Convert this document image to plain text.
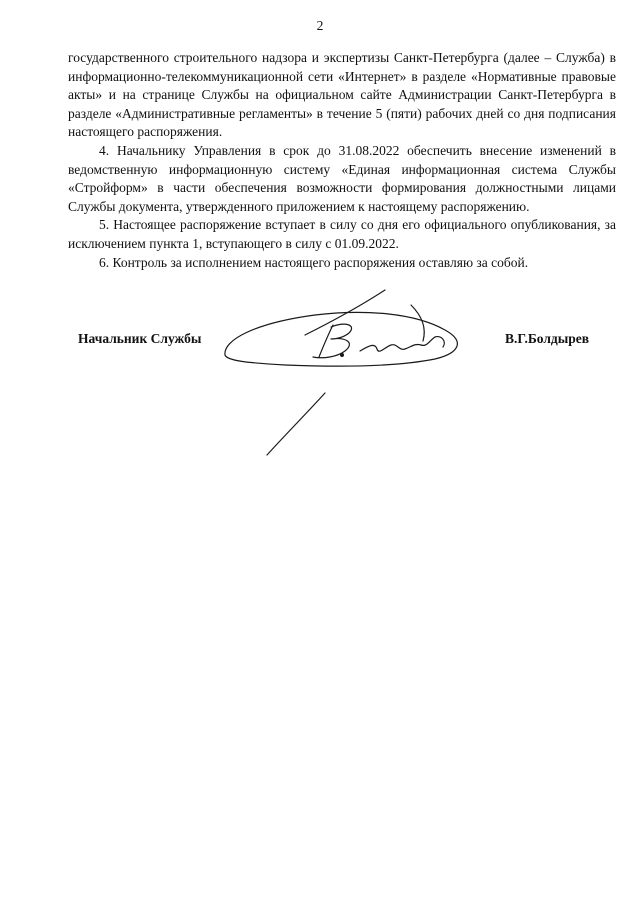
2

государственного строительного надзора и экспертизы Санкт-Петербурга (далее – Служба) в информационно-телекоммуникационной сети «Интернет» в разделе «Нормативные правовые акты» и на странице Службы на официальном сайте Администрации Санкт-Петербурга в разделе «Административные регламенты» в течение 5 (пяти) рабочих дней со дня подписания настоящего распоряжения.

4. Начальнику Управления в срок до 31.08.2022 обеспечить внесение изменений в ведомственную информационную систему «Единая информационная система Службы «Стройформ» в части обеспечения возможности формирования должностными лицами Службы документа, утвержденного приложением к настоящему распоряжению.

5. Настоящее распоряжение вступает в силу со дня его официального опубликования, за исключением пункта 1, вступающего в силу с 01.09.2022.

6. Контроль за исполнением настоящего распоряжения оставляю за собой.

Начальник Службы	В.Г.Болдырев
